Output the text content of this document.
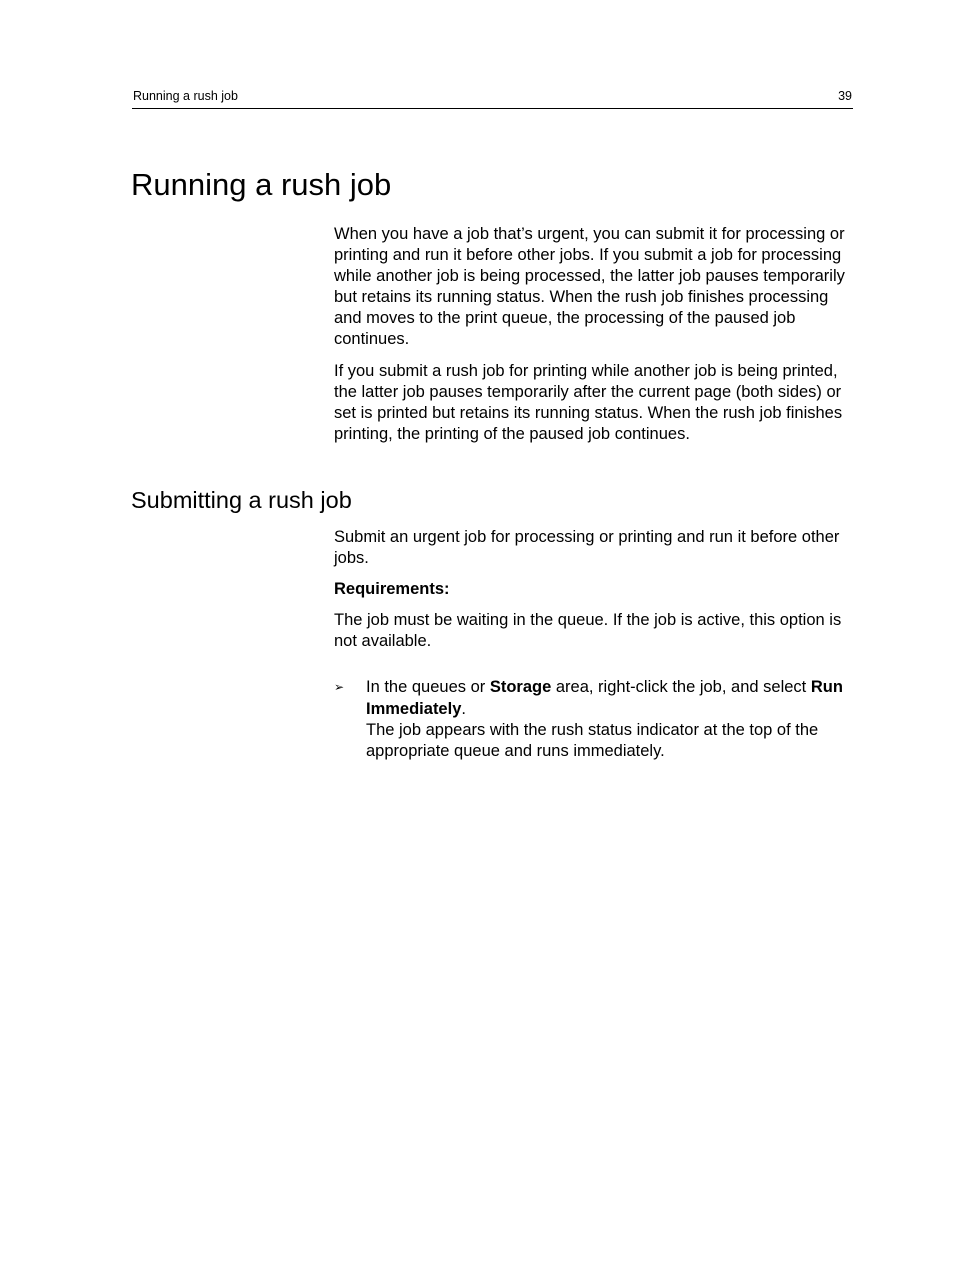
Running a rush job	39
Running a rush job

When you have a job that’s urgent, you can submit it for processing or printing and run it before other jobs. If you submit a job for processing while another job is being processed, the latter job pauses temporarily but retains its running status. When the rush job finishes processing and moves to the print queue, the processing of the paused job continues.

If you submit a rush job for printing while another job is being printed, the latter job pauses temporarily after the current page (both sides) or set is printed but retains its running status. When the rush job finishes printing, the printing of the paused job continues.

Submitting a rush job

Submit an urgent job for processing or printing and run it before other jobs.

Requirements:

The job must be waiting in the queue. If the job is active, this option is not available.

➢ In the queues or Storage area, right-click the job, and select Run Immediately.

The job appears with the rush status indicator at the top of the appropriate queue and runs immediately.
